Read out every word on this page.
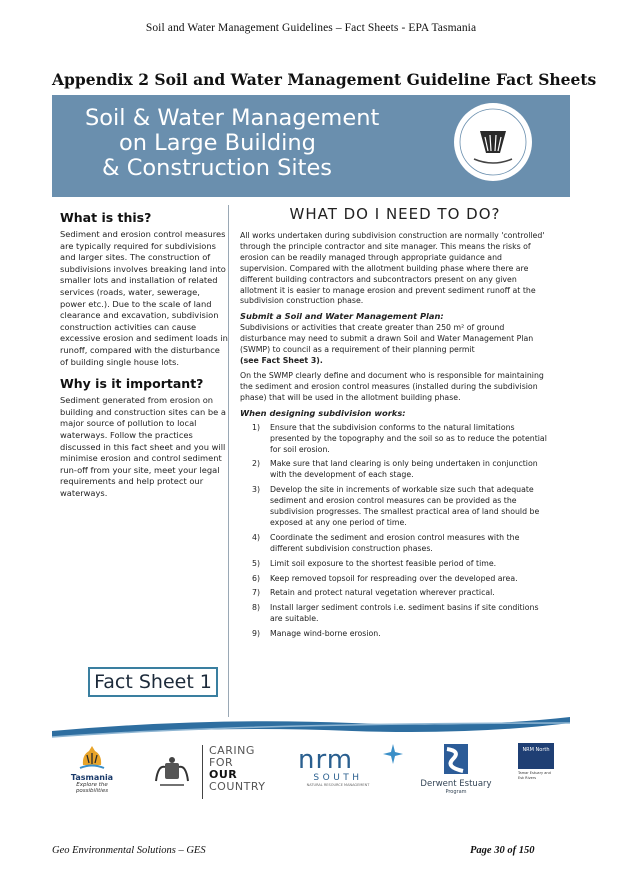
Soil and Water Management Guidelines – Fact Sheets - EPA Tasmania
Appendix 2 Soil and Water Management Guideline Fact Sheets
Soil & Water Management
on Large Building
& Construction Sites
What is this?
Sediment and erosion control measures are typically required for subdivisions and larger sites. The construction of subdivisions involves breaking land into smaller lots and installation of related services (roads, water, sewerage, power etc.). Due to the scale of land clearance and excavation, subdivision construction activities can cause excessive erosion and sediment loads in runoff, compared with the disturbance of building single house lots.
Why is it important?
Sediment generated from erosion on building and construction sites can be a major source of pollution to local waterways. Follow the practices discussed in this fact sheet and you will minimise erosion and control sediment run-off from your site, meet your legal requirements and help protect our waterways.
WHAT DO I NEED TO DO?
All works undertaken during subdivision construction are normally 'controlled' through the principle contractor and site manager. This means the risks of erosion can be readily managed through appropriate guidance and supervision. Compared with the allotment building phase where there are different building contractors and subcontractors present on any given allotment it is easier to manage erosion and prevent sediment runoff at the subdivision construction phase.
Submit a Soil and Water Management Plan:
Subdivisions or activities that create greater than 250 m² of ground disturbance may need to submit a drawn Soil and Water Management Plan (SWMP) to council as a requirement of their planning permit
(see Fact Sheet 3).
On the SWMP clearly define and document who is responsible for maintaining the sediment and erosion control measures (installed during the subdivision phase) that will be used in the allotment building phase.
When designing subdivision works:
1) Ensure that the subdivision conforms to the natural limitations presented by the topography and the soil so as to reduce the potential for soil erosion.
2) Make sure that land clearing is only being undertaken in conjunction with the development of each stage.
3) Develop the site in increments of workable size such that adequate sediment and erosion control measures can be provided as the subdivision progresses. The smallest practical area of land should be exposed at any one period of time.
4) Coordinate the sediment and erosion control measures with the different subdivision construction phases.
5) Limit soil exposure to the shortest feasible period of time.
6) Keep removed topsoil for respreading over the developed area.
7) Retain and protect natural vegetation wherever practical.
8) Install larger sediment controls i.e. sediment basins if site conditions are suitable.
9) Manage wind-borne erosion.
Fact Sheet 1
Tasmania
Explore the possibilities
CARING
FOR
OUR
COUNTRY
nrm
SOUTH
NATURAL RESOURCE MANAGEMENT	Derwent Estuary
Program
NRM North
Tamar Estuary and Esk Rivers
Geo Environmental Solutions – GES	Page 30 of 150
